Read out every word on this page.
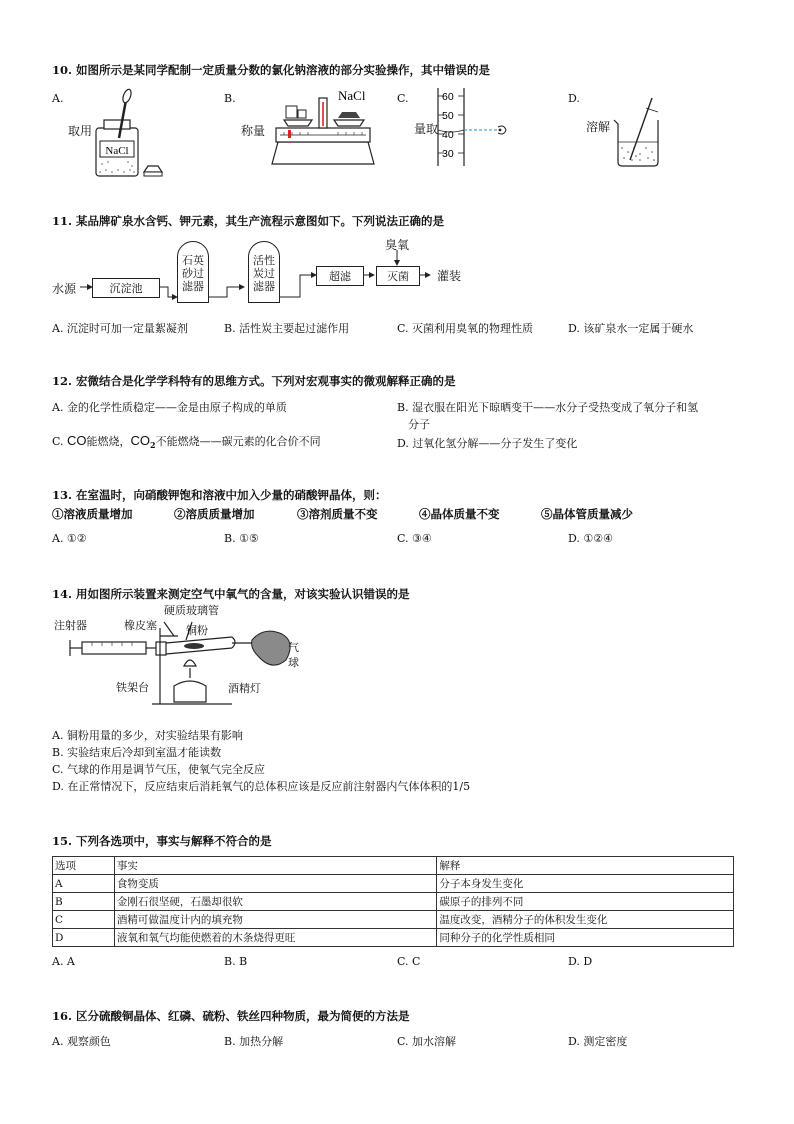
10. 如图所示是某同学配制一定质量分数的氯化钠溶液的部分实验操作，其中错误的是
A.
取用
NaCl
B.
称量
NaCl	C.
量取
60
50
40
30
D.
溶解
11. 某品牌矿泉水含钙、钾元素，其生产流程示意图如下。下列说法正确的是
水源	沉淀池
石英
砂过
滤器
活性
炭过
滤器
超滤
臭氧
灭菌 灌装
A. 沉淀时可加一定量絮凝剂	B. 活性炭主要起过滤作用	C. 灭菌利用臭氧的物理性质	D. 该矿泉水一定属于硬水
12. 宏微结合是化学学科特有的思维方式。下列对宏观事实的微观解释正确的是
A. 金的化学性质稳定——金是由原子构成的单质	B. 湿衣服在阳光下晾晒变干——水分子受热变成了氧分子和氢
分子
C. CO能燃烧，$CO_2$不能燃烧——碳元素的化合价不同	D. 过氧化氢分解——分子发生了变化
13. 在室温时，向硝酸钾饱和溶液中加入少量的硝酸钾晶体，则：
①溶液质量增加	②溶质质量增加	③溶剂质量不变	④晶体质量不变	⑤晶体管质量减少
A. ①②	B. ①⑤	C. ③④	D. ①②④
14. 用如图所示装置来测定空气中氧气的含量，对该实验认识错误的是
注射器	橡皮塞
硬质玻璃管
铜粉
气
球
铁架台	酒精灯
A. 铜粉用量的多少，对实验结果有影响
B. 实验结束后冷却到室温才能读数
C. 气球的作用是调节气压，使氧气完全反应
D. 在正常情况下，反应结束后消耗氧气的总体积应该是反应前注射器内气体体积的1/5
15. 下列各选项中，事实与解释不符合的是
选项	事实	解释
A	食物变质	分子本身发生变化
B	金刚石很坚硬，石墨却很软	碳原子的排列不同
C	酒精可做温度计内的填充物	温度改变，酒精分子的体积发生变化
D	液氧和氧气均能使燃着的木条烧得更旺	同种分子的化学性质相同
A. A	B. B	C. C	D. D
16. 区分硫酸铜晶体、红磷、硫粉、铁丝四种物质，最为简便的方法是
A. 观察颜色	B. 加热分解	C. 加水溶解	D. 测定密度
